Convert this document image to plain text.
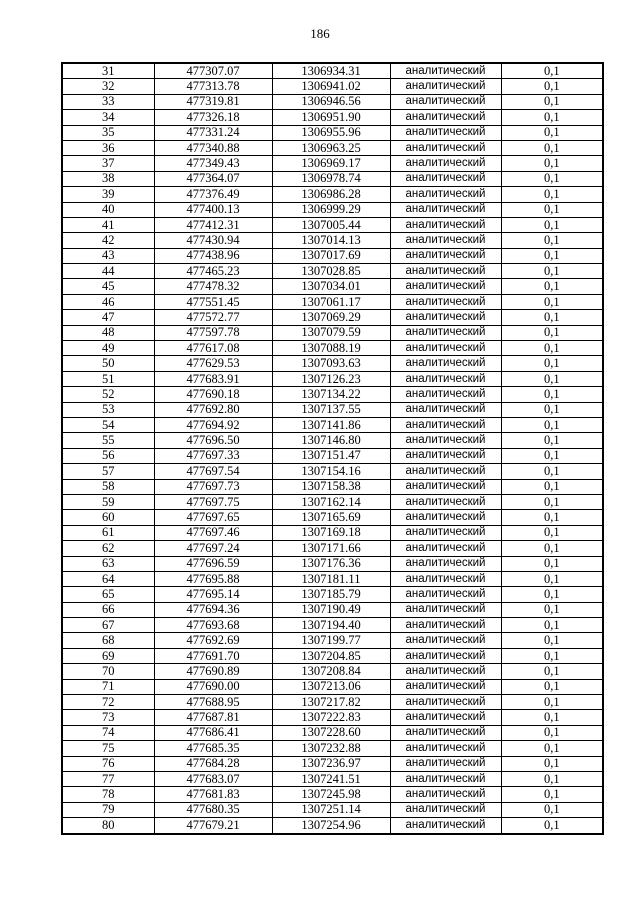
186
31	477307.07	1306934.31	аналитический	0,1
32	477313.78	1306941.02	аналитический	0,1
33	477319.81	1306946.56	аналитический	0,1
34	477326.18	1306951.90	аналитический	0,1
35	477331.24	1306955.96	аналитический	0,1
36	477340.88	1306963.25	аналитический	0,1
37	477349.43	1306969.17	аналитический	0,1
38	477364.07	1306978.74	аналитический	0,1
39	477376.49	1306986.28	аналитический	0,1
40	477400.13	1306999.29	аналитический	0,1
41	477412.31	1307005.44	аналитический	0,1
42	477430.94	1307014.13	аналитический	0,1
43	477438.96	1307017.69	аналитический	0,1
44	477465.23	1307028.85	аналитический	0,1
45	477478.32	1307034.01	аналитический	0,1
46	477551.45	1307061.17	аналитический	0,1
47	477572.77	1307069.29	аналитический	0,1
48	477597.78	1307079.59	аналитический	0,1
49	477617.08	1307088.19	аналитический	0,1
50	477629.53	1307093.63	аналитический	0,1
51	477683.91	1307126.23	аналитический	0,1
52	477690.18	1307134.22	аналитический	0,1
53	477692.80	1307137.55	аналитический	0,1
54	477694.92	1307141.86	аналитический	0,1
55	477696.50	1307146.80	аналитический	0,1
56	477697.33	1307151.47	аналитический	0,1
57	477697.54	1307154.16	аналитический	0,1
58	477697.73	1307158.38	аналитический	0,1
59	477697.75	1307162.14	аналитический	0,1
60	477697.65	1307165.69	аналитический	0,1
61	477697.46	1307169.18	аналитический	0,1
62	477697.24	1307171.66	аналитический	0,1
63	477696.59	1307176.36	аналитический	0,1
64	477695.88	1307181.11	аналитический	0,1
65	477695.14	1307185.79	аналитический	0,1
66	477694.36	1307190.49	аналитический	0,1
67	477693.68	1307194.40	аналитический	0,1
68	477692.69	1307199.77	аналитический	0,1
69	477691.70	1307204.85	аналитический	0,1
70	477690.89	1307208.84	аналитический	0,1
71	477690.00	1307213.06	аналитический	0,1
72	477688.95	1307217.82	аналитический	0,1
73	477687.81	1307222.83	аналитический	0,1
74	477686.41	1307228.60	аналитический	0,1
75	477685.35	1307232.88	аналитический	0,1
76	477684.28	1307236.97	аналитический	0,1
77	477683.07	1307241.51	аналитический	0,1
78	477681.83	1307245.98	аналитический	0,1
79	477680.35	1307251.14	аналитический	0,1
80	477679.21	1307254.96	аналитический	0,1
